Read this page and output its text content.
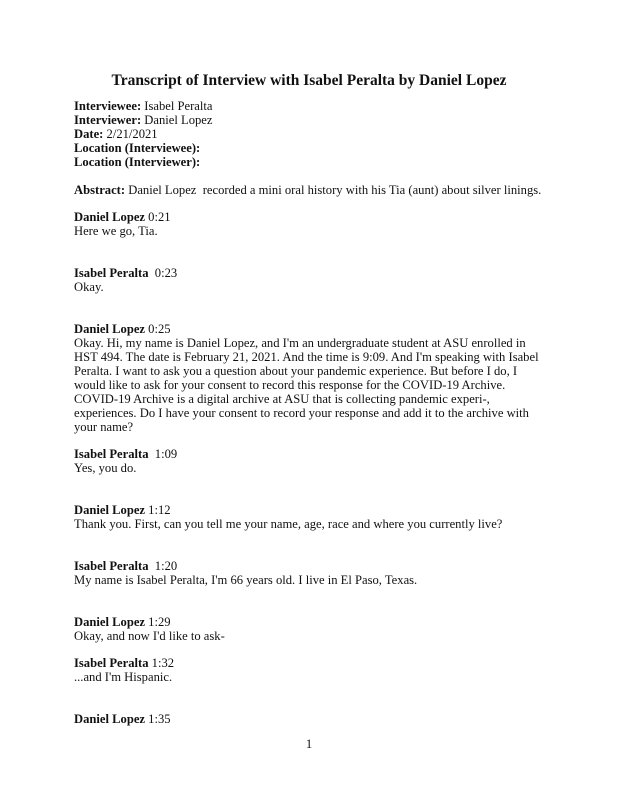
Transcript of Interview with Isabel Peralta by Daniel Lopez

Interviewee: Isabel Peralta

Interviewer: Daniel Lopez

Date: 2/21/2021

Location (Interviewee):

Location (Interviewer):

Abstract: Daniel Lopez  recorded a mini oral history with his Tia (aunt) about silver linings.

Daniel Lopez 0:21

Here we go, Tia.

Isabel Peralta  0:23

Okay.

Daniel Lopez 0:25

Okay. Hi, my name is Daniel Lopez, and I'm an undergraduate student at ASU enrolled in HST 494. The date is February 21, 2021. And the time is 9:09. And I'm speaking with Isabel Peralta. I want to ask you a question about your pandemic experience. But before I do, I would like to ask for your consent to record this response for the COVID-19 Archive. COVID-19 Archive is a digital archive at ASU that is collecting pandemic experi-, experiences. Do I have your consent to record your response and add it to the archive with your name?

Isabel Peralta  1:09

Yes, you do.

Daniel Lopez 1:12

Thank you. First, can you tell me your name, age, race and where you currently live?

Isabel Peralta  1:20

My name is Isabel Peralta, I'm 66 years old. I live in El Paso, Texas.

Daniel Lopez 1:29

Okay, and now I'd like to ask-

Isabel Peralta 1:32

...and I'm Hispanic.

Daniel Lopez 1:35

1
